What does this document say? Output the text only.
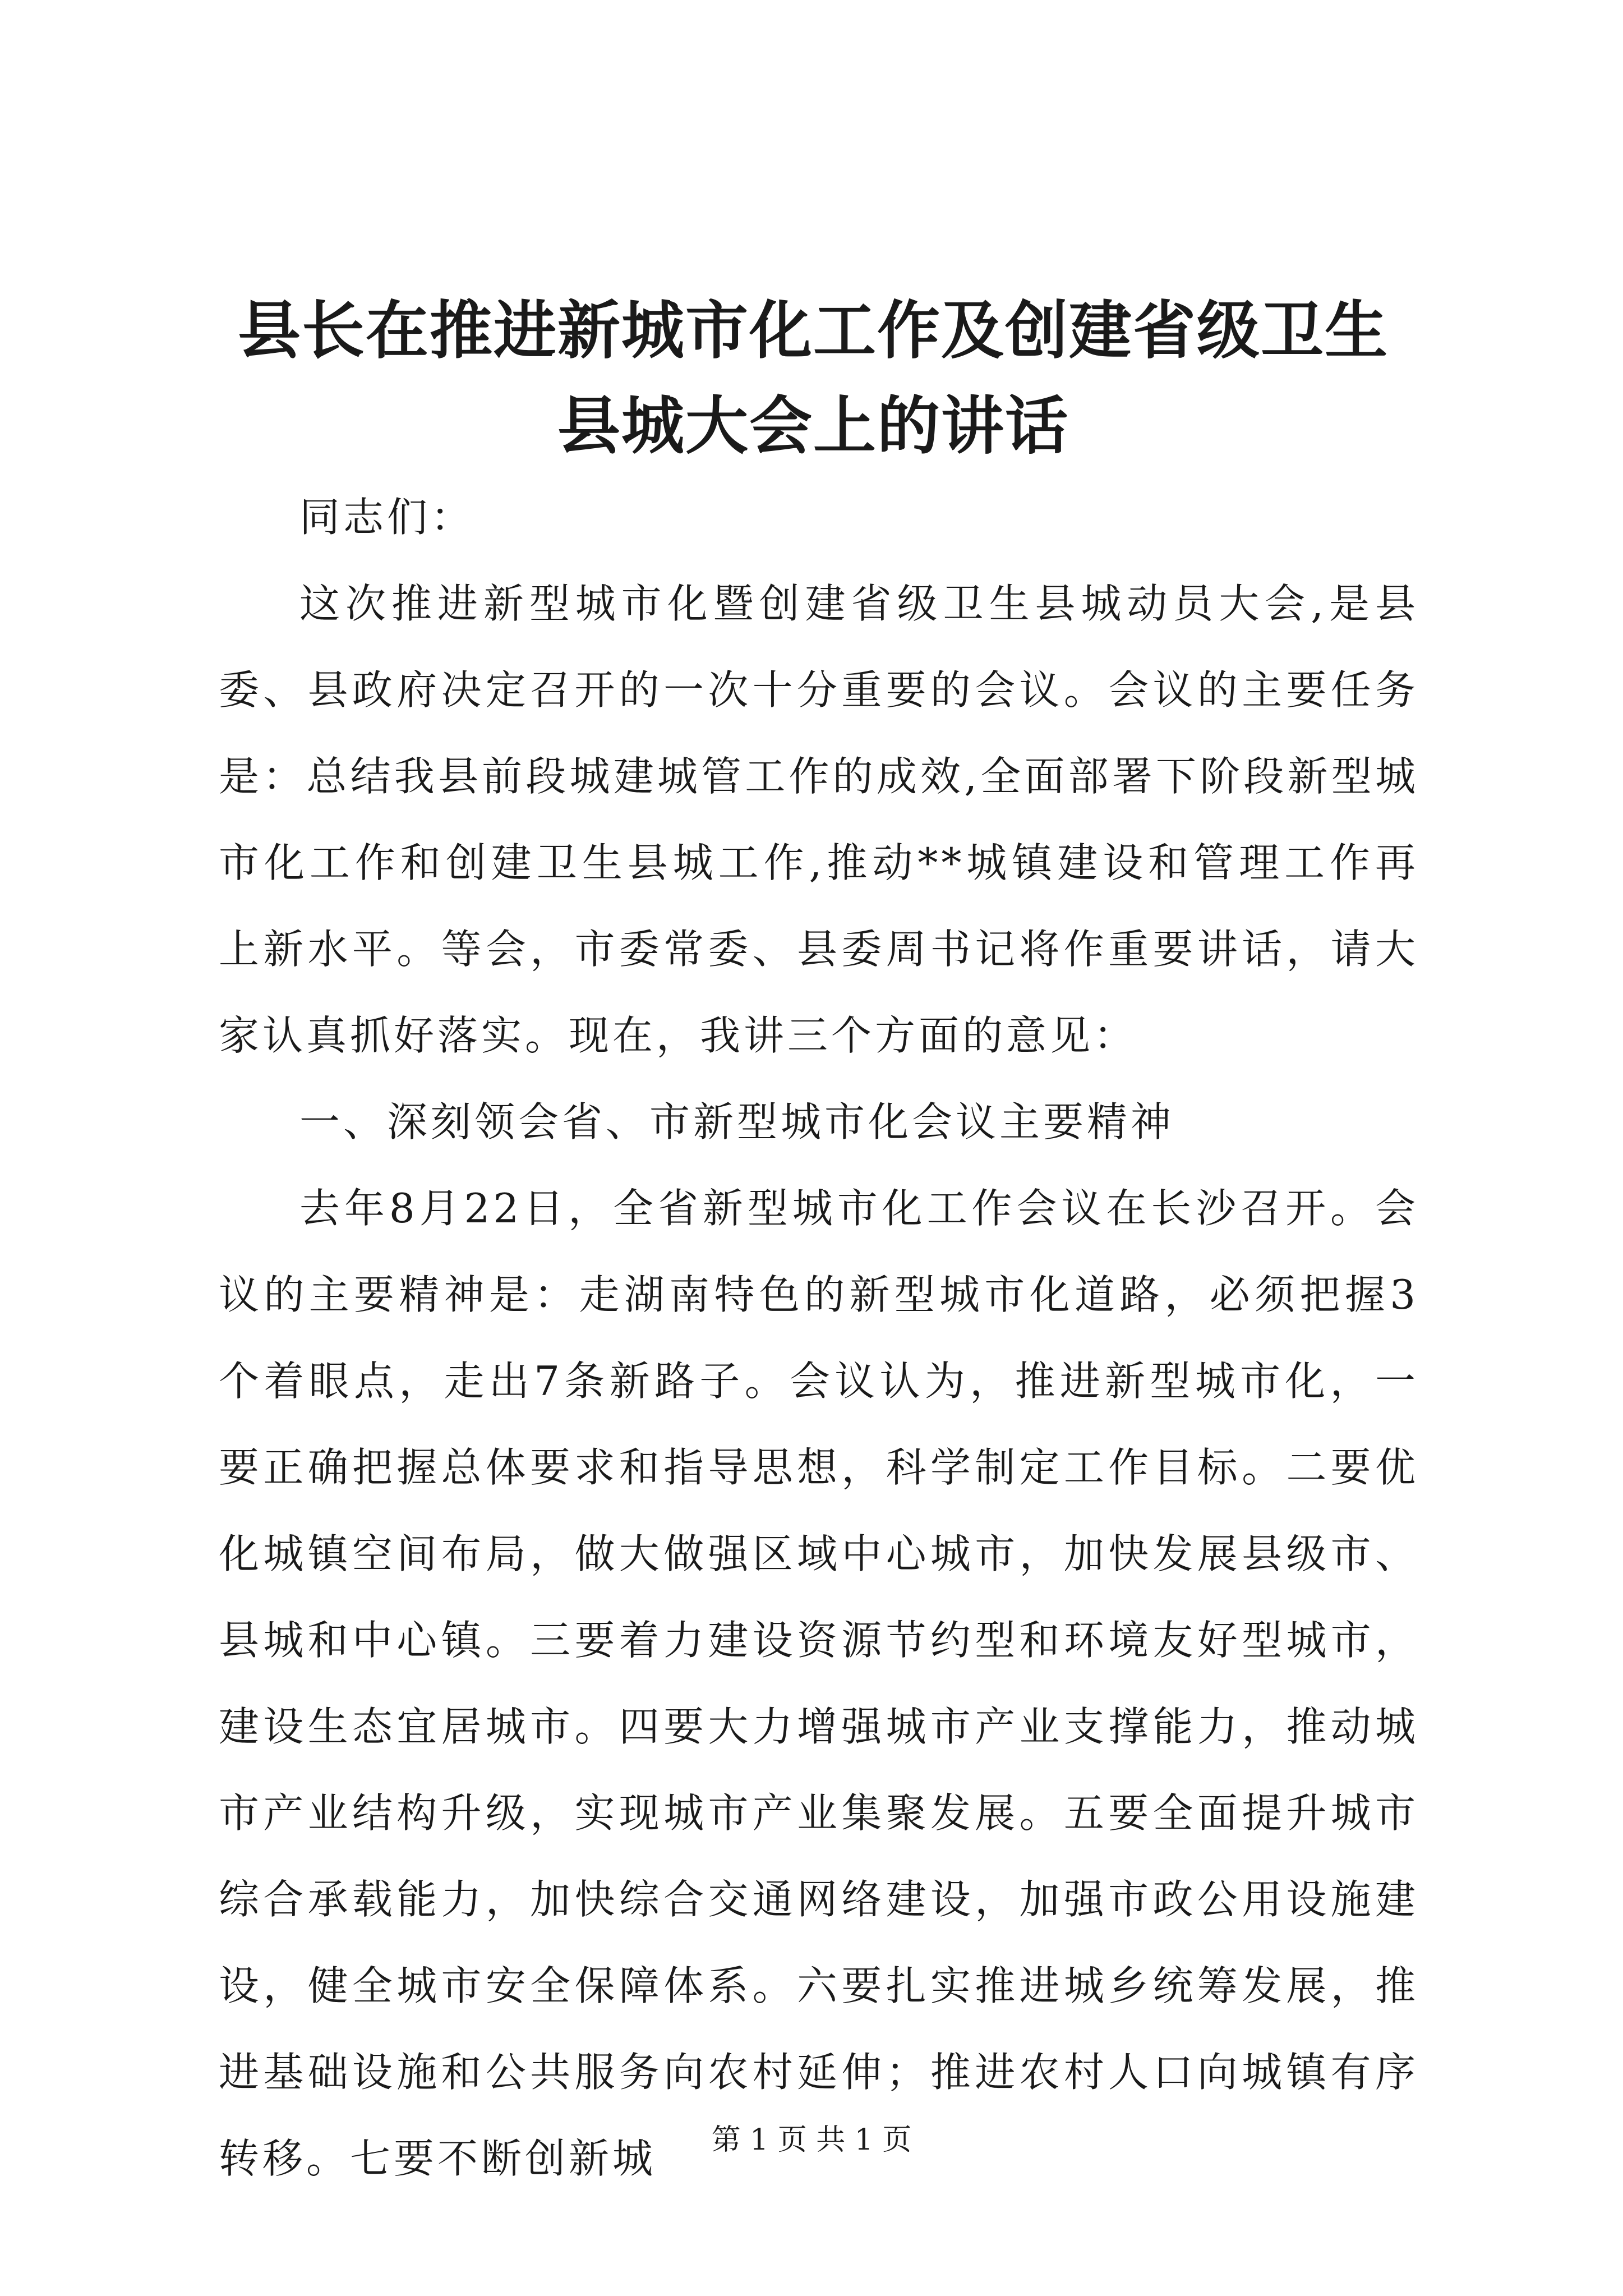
县长在推进新城市化工作及创建省级卫生县城大会上的讲话

同志们：

这次推进新型城市化暨创建省级卫生县城动员大会,是县委、县政府决定召开的一次十分重要的会议。会议的主要任务是：总结我县前段城建城管工作的成效,全面部署下阶段新型城市化工作和创建卫生县城工作,推动**城镇建设和管理工作再上新水平。等会，市委常委、县委周书记将作重要讲话，请大家认真抓好落实。现在，我讲三个方面的意见：

一、深刻领会省、市新型城市化会议主要精神

去年8月22日，全省新型城市化工作会议在长沙召开。会议的主要精神是：走湖南特色的新型城市化道路，必须把握3个着眼点，走出7条新路子。会议认为，推进新型城市化，一要正确把握总体要求和指导思想，科学制定工作目标。二要优化城镇空间布局，做大做强区域中心城市，加快发展县级市、县城和中心镇。三要着力建设资源节约型和环境友好型城市，建设生态宜居城市。四要大力增强城市产业支撑能力，推动城市产业结构升级，实现城市产业集聚发展。五要全面提升城市综合承载能力，加快综合交通网络建设，加强市政公用设施建设，健全城市安全保障体系。六要扎实推进城乡统筹发展，推进基础设施和公共服务向农村延伸；推进农村人口向城镇有序转移。七要不断创新城	第 1 页 共 1 页
